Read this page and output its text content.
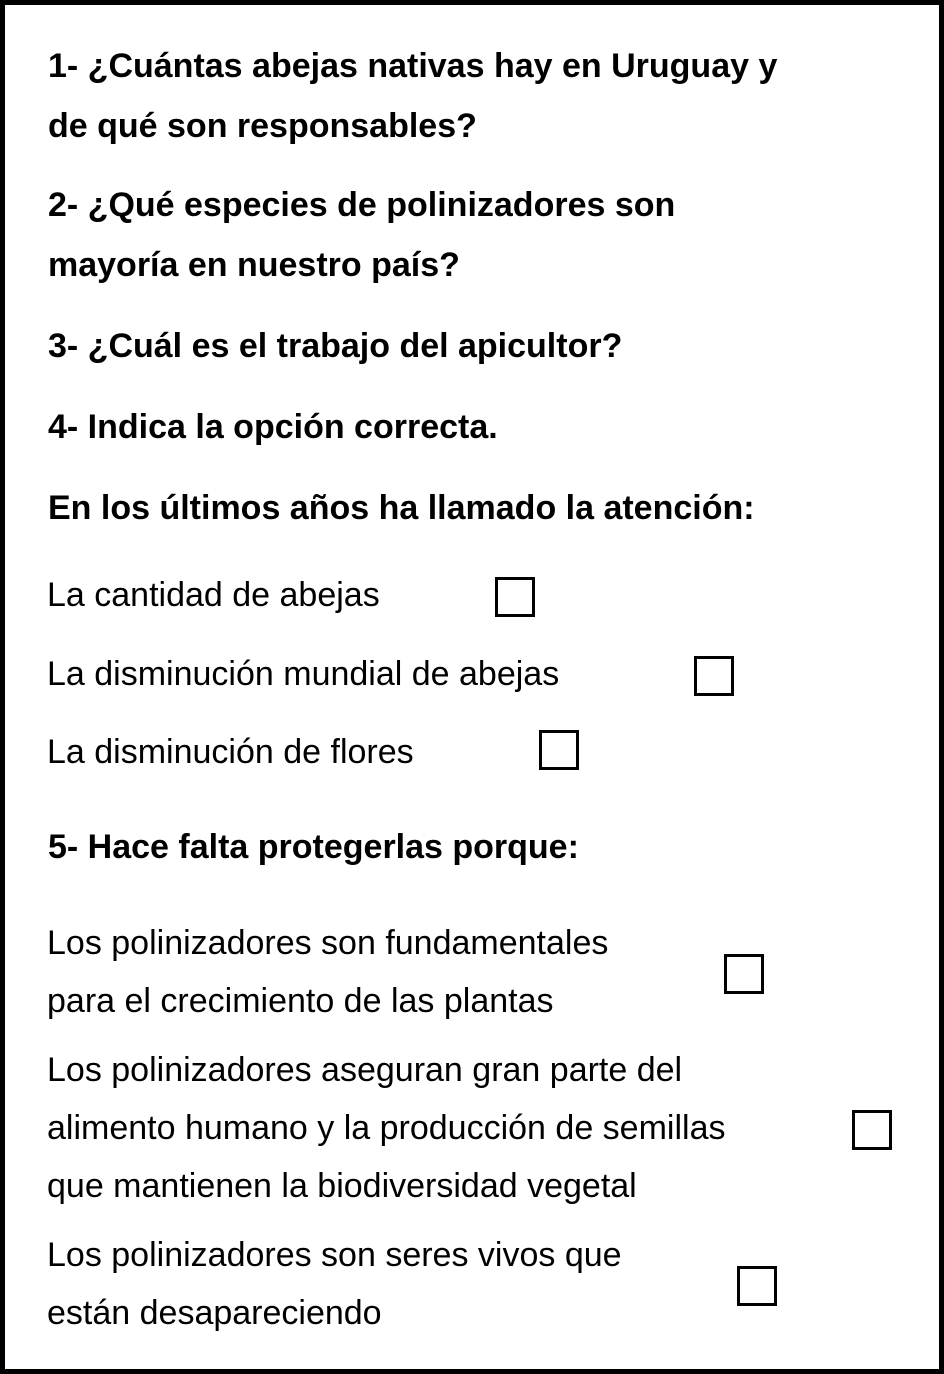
1- ¿Cuántas abejas nativas hay en Uruguay y
de qué son responsables?

2- ¿Qué especies de polinizadores son
mayoría en nuestro país?

3- ¿Cuál es el trabajo del apicultor?

4- Indica la opción correcta.

En los últimos años ha llamado la atención:

La cantidad de abejas

La disminución mundial de abejas

La disminución de flores

5- Hace falta protegerlas porque:

Los polinizadores son fundamentales
para el crecimiento de las plantas

Los polinizadores aseguran gran parte del
alimento humano y la producción de semillas
que mantienen la biodiversidad vegetal

Los polinizadores son seres vivos que
están desapareciendo
